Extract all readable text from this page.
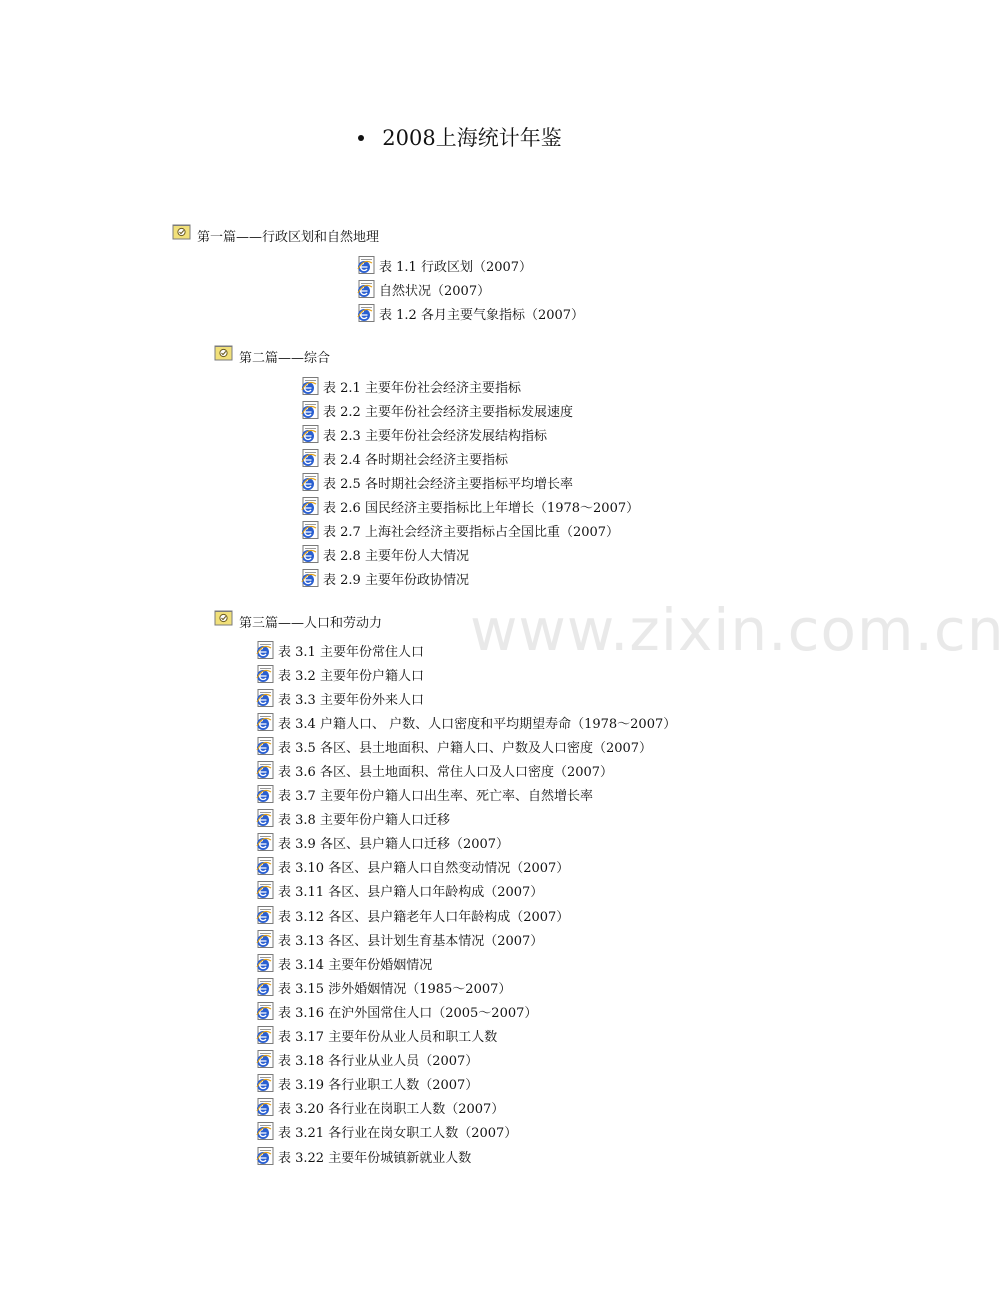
www.zixin.com.cn
2008上海统计年鉴
第一篇——行政区划和自然地理
表 1.1 行政区划（2007）
自然状况（2007）
表 1.2 各月主要气象指标（2007）
第二篇——综合
表 2.1 主要年份社会经济主要指标
表 2.2 主要年份社会经济主要指标发展速度
表 2.3 主要年份社会经济发展结构指标
表 2.4 各时期社会经济主要指标
表 2.5 各时期社会经济主要指标平均增长率
表 2.6 国民经济主要指标比上年增长（1978～2007）
表 2.7 上海社会经济主要指标占全国比重（2007）
表 2.8 主要年份人大情况
表 2.9 主要年份政协情况
第三篇——人口和劳动力
表 3.1 主要年份常住人口
表 3.2 主要年份户籍人口
表 3.3 主要年份外来人口
表 3.4 户籍人口、 户数、人口密度和平均期望寿命（1978～2007）
表 3.5 各区、县土地面积、户籍人口、户数及人口密度（2007）
表 3.6 各区、县土地面积、常住人口及人口密度（2007）
表 3.7 主要年份户籍人口出生率、死亡率、自然增长率
表 3.8 主要年份户籍人口迁移
表 3.9 各区、县户籍人口迁移（2007）
表 3.10 各区、县户籍人口自然变动情况（2007）
表 3.11 各区、县户籍人口年龄构成（2007）
表 3.12 各区、县户籍老年人口年龄构成（2007）
表 3.13 各区、县计划生育基本情况（2007）
表 3.14 主要年份婚姻情况
表 3.15 涉外婚姻情况（1985～2007）
表 3.16 在沪外国常住人口（2005～2007）
表 3.17 主要年份从业人员和职工人数
表 3.18 各行业从业人员（2007）
表 3.19 各行业职工人数（2007）
表 3.20 各行业在岗职工人数（2007）
表 3.21 各行业在岗女职工人数（2007）
表 3.22 主要年份城镇新就业人数
